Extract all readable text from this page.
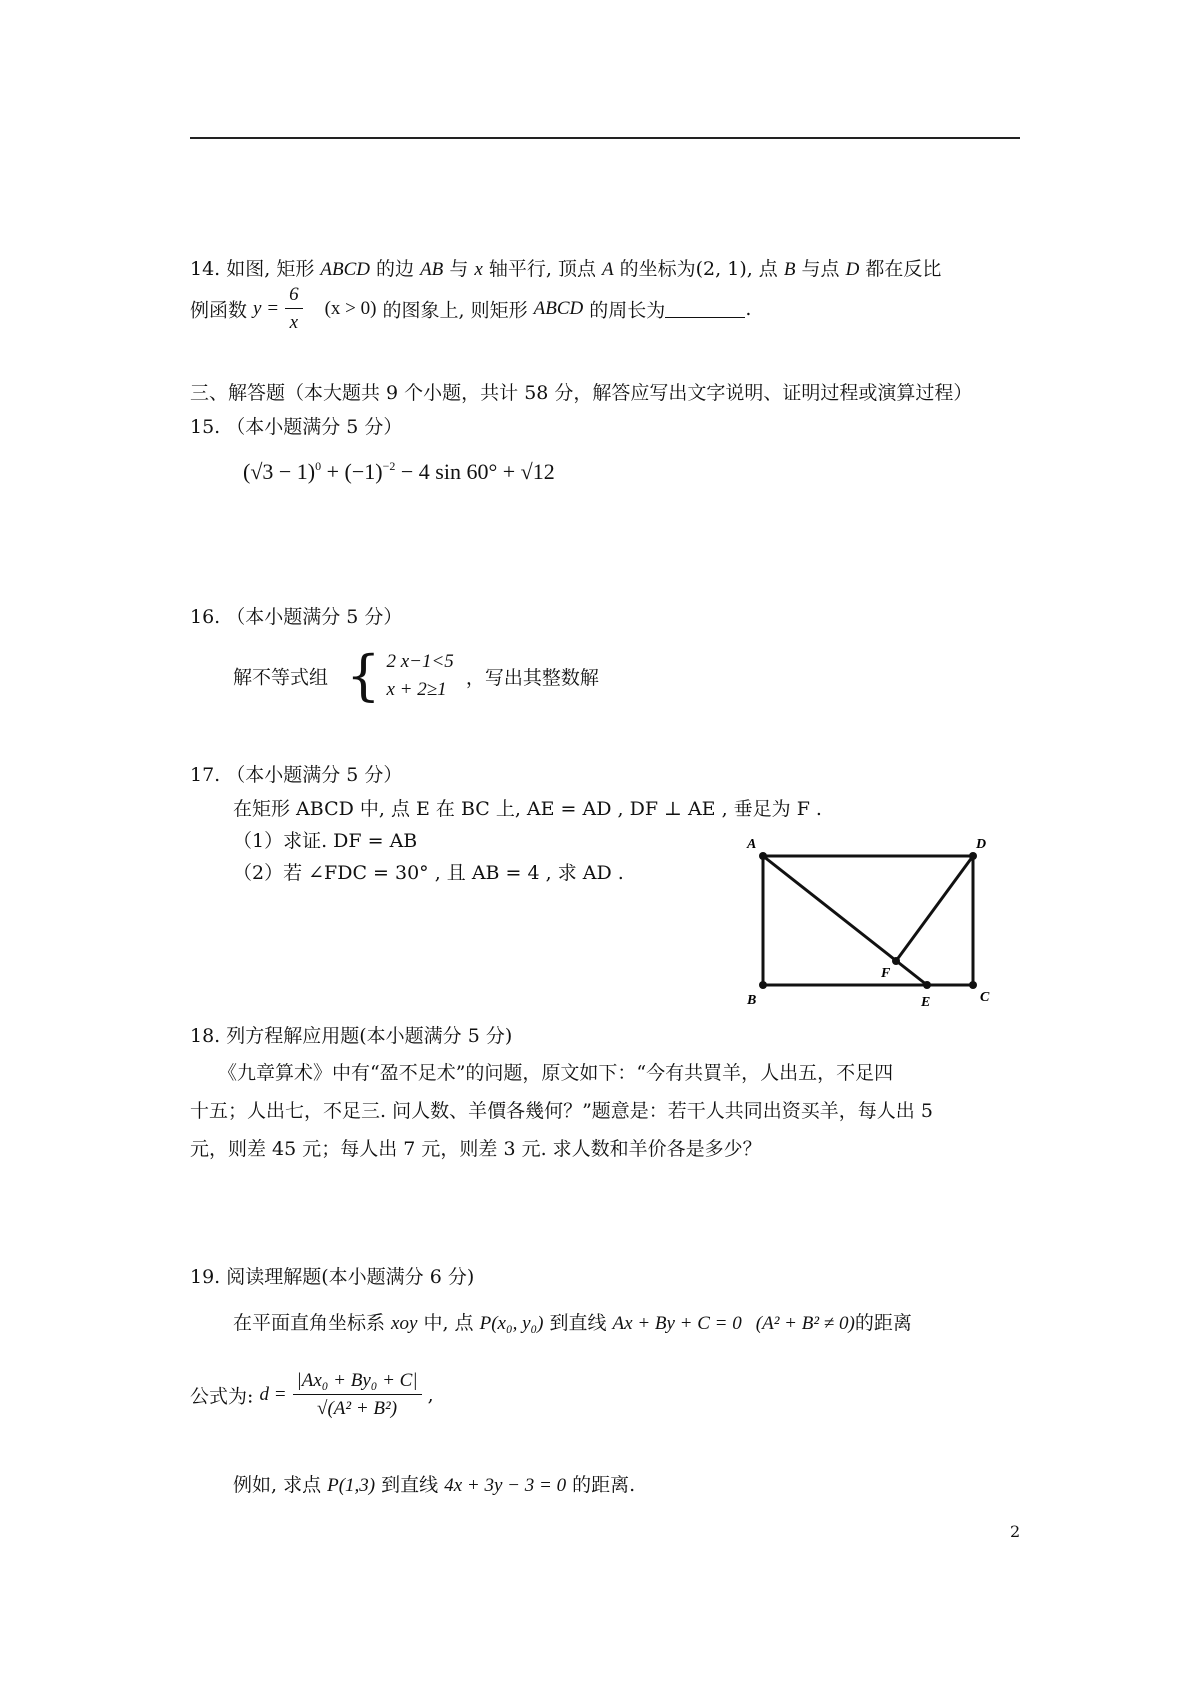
14. 如图, 矩形 ABCD 的边 AB 与 x 轴平行, 顶点 A 的坐标为(2, 1), 点 B 与点 D 都在反比
例函数 $y = \frac{6}{x} (x > 0)$ 的图象上, 则矩形 ABCD 的周长为	.
三、解答题（本大题共 9 个小题，共计 58 分，解答应写出文字说明、证明过程或演算过程）
15. （本小题满分 5 分）
$(√3 - 1)^0 + (-1)^{-2} - 4$ sin 60° + √12
16. （本小题满分 5 分）
解不等式组 { 2 x−1<5
x + 2≥1
，写出其整数解
17. （本小题满分 5 分）
在矩形 ABCD 中, 点 E 在 BC 上, AE = AD , DF ⊥ AE , 垂足为 F .
（1）求证. DF = AB
（2）若 ∠FDC = 30° , 且 AB = 4 , 求 AD .
A	D
B	C
E
F
18. 列方程解应用题(本小题满分 5 分)
《九章算术》中有“盈不足术”的问题，原文如下：“今有共買羊，人出五，不足四
十五；人出七，不足三. 问人数、羊價各幾何？”题意是：若干人共同出资买羊，每人出 5
元，则差 45 元；每人出 7 元，则差 3 元. 求人数和羊价各是多少？
19. 阅读理解题(本小题满分 6 分)
在平面直角坐标系 xoy 中, 点 P(x₀, y₀) 到直线 Ax + By + C = 0 (A² + B² ≠ 0)的距离
公式为: $d = \frac{\text{|Ax₀ + By₀ + C|}}{\text{√(A² + B²)}}$ ,
例如, 求点 P(1,3) 到直线 4x + 3y − 3 = 0 的距离.
2
